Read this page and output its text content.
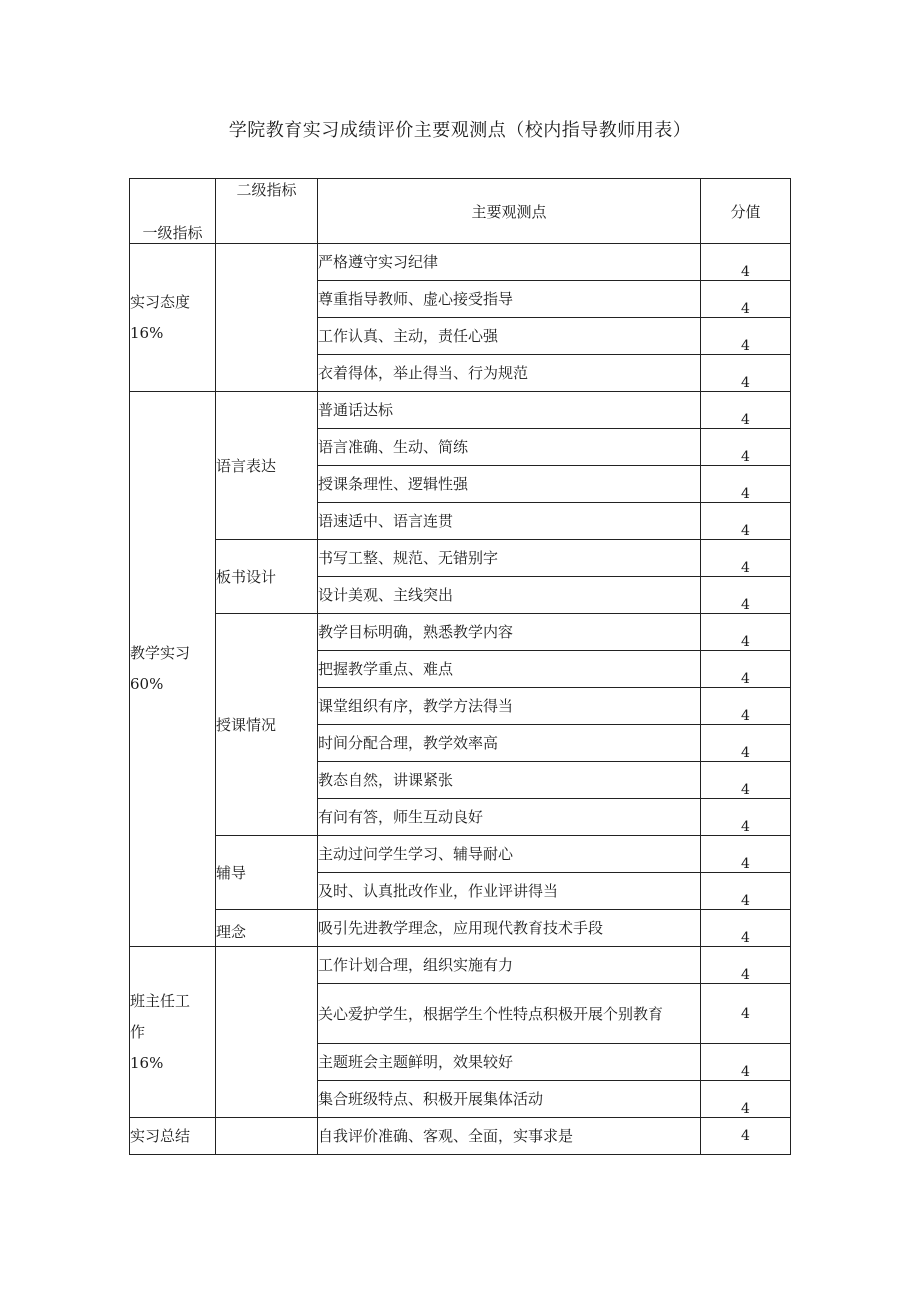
学院教育实习成绩评价主要观测点（校内指导教师用表）
一级指标	二级指标	主要观测点	分值

实习态度
16%		严格遵守实习纪律	4
		尊重指导教师、虚心接受指导	4
		工作认真、主动，责任心强	4
		衣着得体，举止得当、行为规范	4

教学实习
60%	语言表达	普通话达标	4
		语言准确、生动、简练	4
		授课条理性、逻辑性强	4
		语速适中、语言连贯	4
	板书设计	书写工整、规范、无错别字	4
		设计美观、主线突出	4
	授课情况	教学目标明确，熟悉教学内容	4
		把握教学重点、难点	4
		课堂组织有序，教学方法得当	4
		时间分配合理，教学效率高	4
		教态自然，讲课紧张	4
		有问有答，师生互动良好	4
	辅导	主动过问学生学习、辅导耐心	4
		及时、认真批改作业，作业评讲得当	4
	理念	吸引先进教学理念，应用现代教育技术手段	4

班主任工
作
16%		工作计划合理，组织实施有力	4
		关心爱护学生，根据学生个性特点积极开展个别教育	4
		主题班会主题鲜明，效果较好	4
		集合班级特点、积极开展集体活动	4
实习总结		自我评价准确、客观、全面，实事求是	4
